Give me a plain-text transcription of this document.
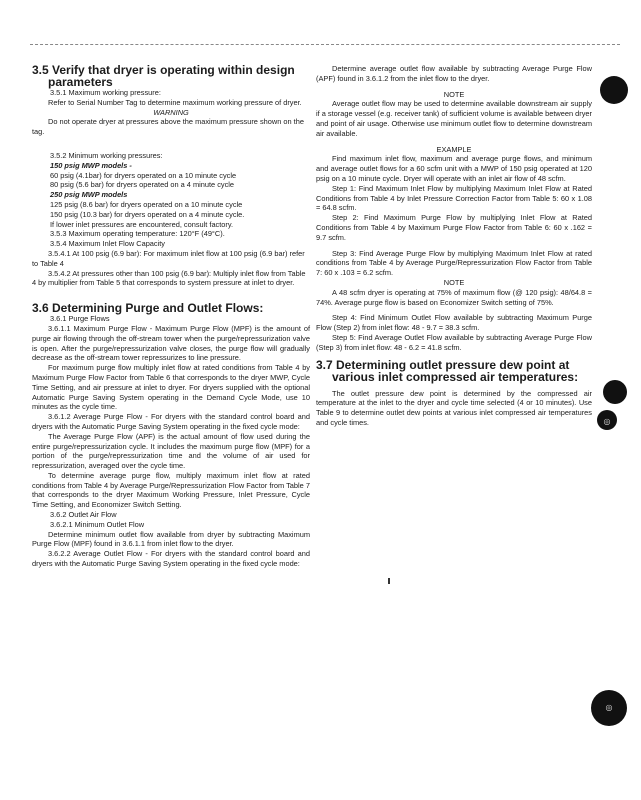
3.5 Verify that dryer is operating within design
parameters

3.5.1 Maximum working pressure:

Refer to Serial Number Tag to determine maximum working pressure of dryer.

WARNING

Do not operate dryer at pressures above the maximum pressure shown on the tag.

3.5.2 Minimum working pressures:

150 psig MWP models -

60 psig (4.1bar) for dryers operated on a 10 minute cycle

80 psig (5.6 bar) for dryers operated on a 4 minute cycle

250 psig MWP models

125 psig (8.6 bar) for dryers operated on a 10 minute cycle

150 psig (10.3 bar) for dryers operated on a 4 minute cycle.

If lower inlet pressures are encountered, consult factory.

3.5.3 Maximum operating temperature: 120°F (49°C).

3.5.4 Maximum Inlet Flow Capacity

3.5.4.1 At 100 psig (6.9 bar): For maximum inlet flow at 100 psig (6.9 bar) refer to Table 4

3.5.4.2 At pressures other than 100 psig (6.9 bar): Multiply inlet flow from Table 4 by multiplier from Table 5 that corresponds to system pressure at inlet to dryer.

3.6 Determining Purge and Outlet Flows:

3.6.1 Purge Flows

3.6.1.1 Maximum Purge Flow - Maximum Purge Flow (MPF) is the amount of purge air flowing through the off-stream tower when the purge/repressurization valve is open. After the purge/repressurization valve closes, the purge flow will gradually decrease as the off-stream tower repressurizes to line pressure.

For maximum purge flow multiply inlet flow at rated conditions from Table 4 by Maximum Purge Flow Factor from Table 6 that corresponds to the dryer MWP, Cycle Time Setting, and air pressure at inlet to dryer. For dryers supplied with the optional Automatic Purge Saving System operating in the Demand Cycle Mode, use 10 minutes as the cycle time.

3.6.1.2 Average Purge Flow - For dryers with the standard control board and dryers with the Automatic Purge Saving System operating in the fixed cycle mode:

The Average Purge Flow (APF) is the actual amount of flow used during the entire purge/repressurization cycle. It includes the maximum purge flow (MPF) for a portion of the purge/repressurization time and the volume of air used for repressurization, averaged over the cycle time.

To determine average purge flow, multiply maximum inlet flow at rated conditions from Table 4 by Average Purge/Repressurization Flow Factor from Table 7 that corresponds to the dryer Maximum Working Pressure, Inlet Pressure, Cycle Time Setting, and Economizer Switch Setting.

3.6.2 Outlet Air Flow

3.6.2.1 Minimum Outlet Flow

Determine minimum outlet flow available from dryer by subtracting Maximum Purge Flow (MPF) found in 3.6.1.1 from inlet flow to the dryer.

3.6.2.2 Average Outlet Flow - For dryers with the standard control board and dryers with the Automatic Purge Saving System operating in the fixed cycle mode:

Determine average outlet flow available by subtracting Average Purge Flow (APF) found in 3.6.1.2 from the inlet flow to the dryer.

NOTE

Average outlet flow may be used to determine available downstream air supply if a storage vessel (e.g. receiver tank) of sufficient volume is available between dryer and point of air usage. Otherwise use minimum outlet flow to determine downstream air available.

EXAMPLE

Find maximum inlet flow, maximum and average purge flows, and minimum and average outlet flows for a 60 scfm unit with a MWP of 150 psig operated at 120 psig on a 10 minute cycle. Dryer will operate with an inlet air flow of 48 scfm.

Step 1: Find Maximum Inlet Flow by multiplying Maximum Inlet Flow at Rated Conditions from Table 4 by Inlet Pressure Correction Factor from Table 5: 60 x 1.08 = 64.8 scfm.

Step 2: Find Maximum Purge Flow by multiplying Inlet Flow at Rated Conditions from Table 4 by Maximum Purge Flow Factor from Table 6: 60 x .162 = 9.7 scfm.

Step 3: Find Average Purge Flow by multiplying Maximum Inlet Flow at rated conditions from Table 4 by Average Purge/Repressurization Flow Factor from Table 7: 60 x .103 = 6.2 scfm.

NOTE

A 48 scfm dryer is operating at 75% of maximum flow (@ 120 psig): 48/64.8 = 74%. Average purge flow is based on Economizer Switch setting of 75%.

Step 4: Find Minimum Outlet Flow available by subtracting Maximum Purge Flow (Step 2) from inlet flow: 48 - 9.7 = 38.3 scfm.

Step 5: Find Average Outlet Flow available by subtracting Average Purge Flow (Step 3) from inlet flow: 48 - 6.2 = 41.8 scfm.

3.7 Determining outlet pressure dew point at
various inlet compressed air temperatures:

The outlet pressure dew point is determined by the compressed air temperature at the inlet to the dryer and cycle time selected (4 or 10 minutes). Use Table 9 to determine outlet dew points at various inlet compressed air temperatures and cycle times.	◎
◎
